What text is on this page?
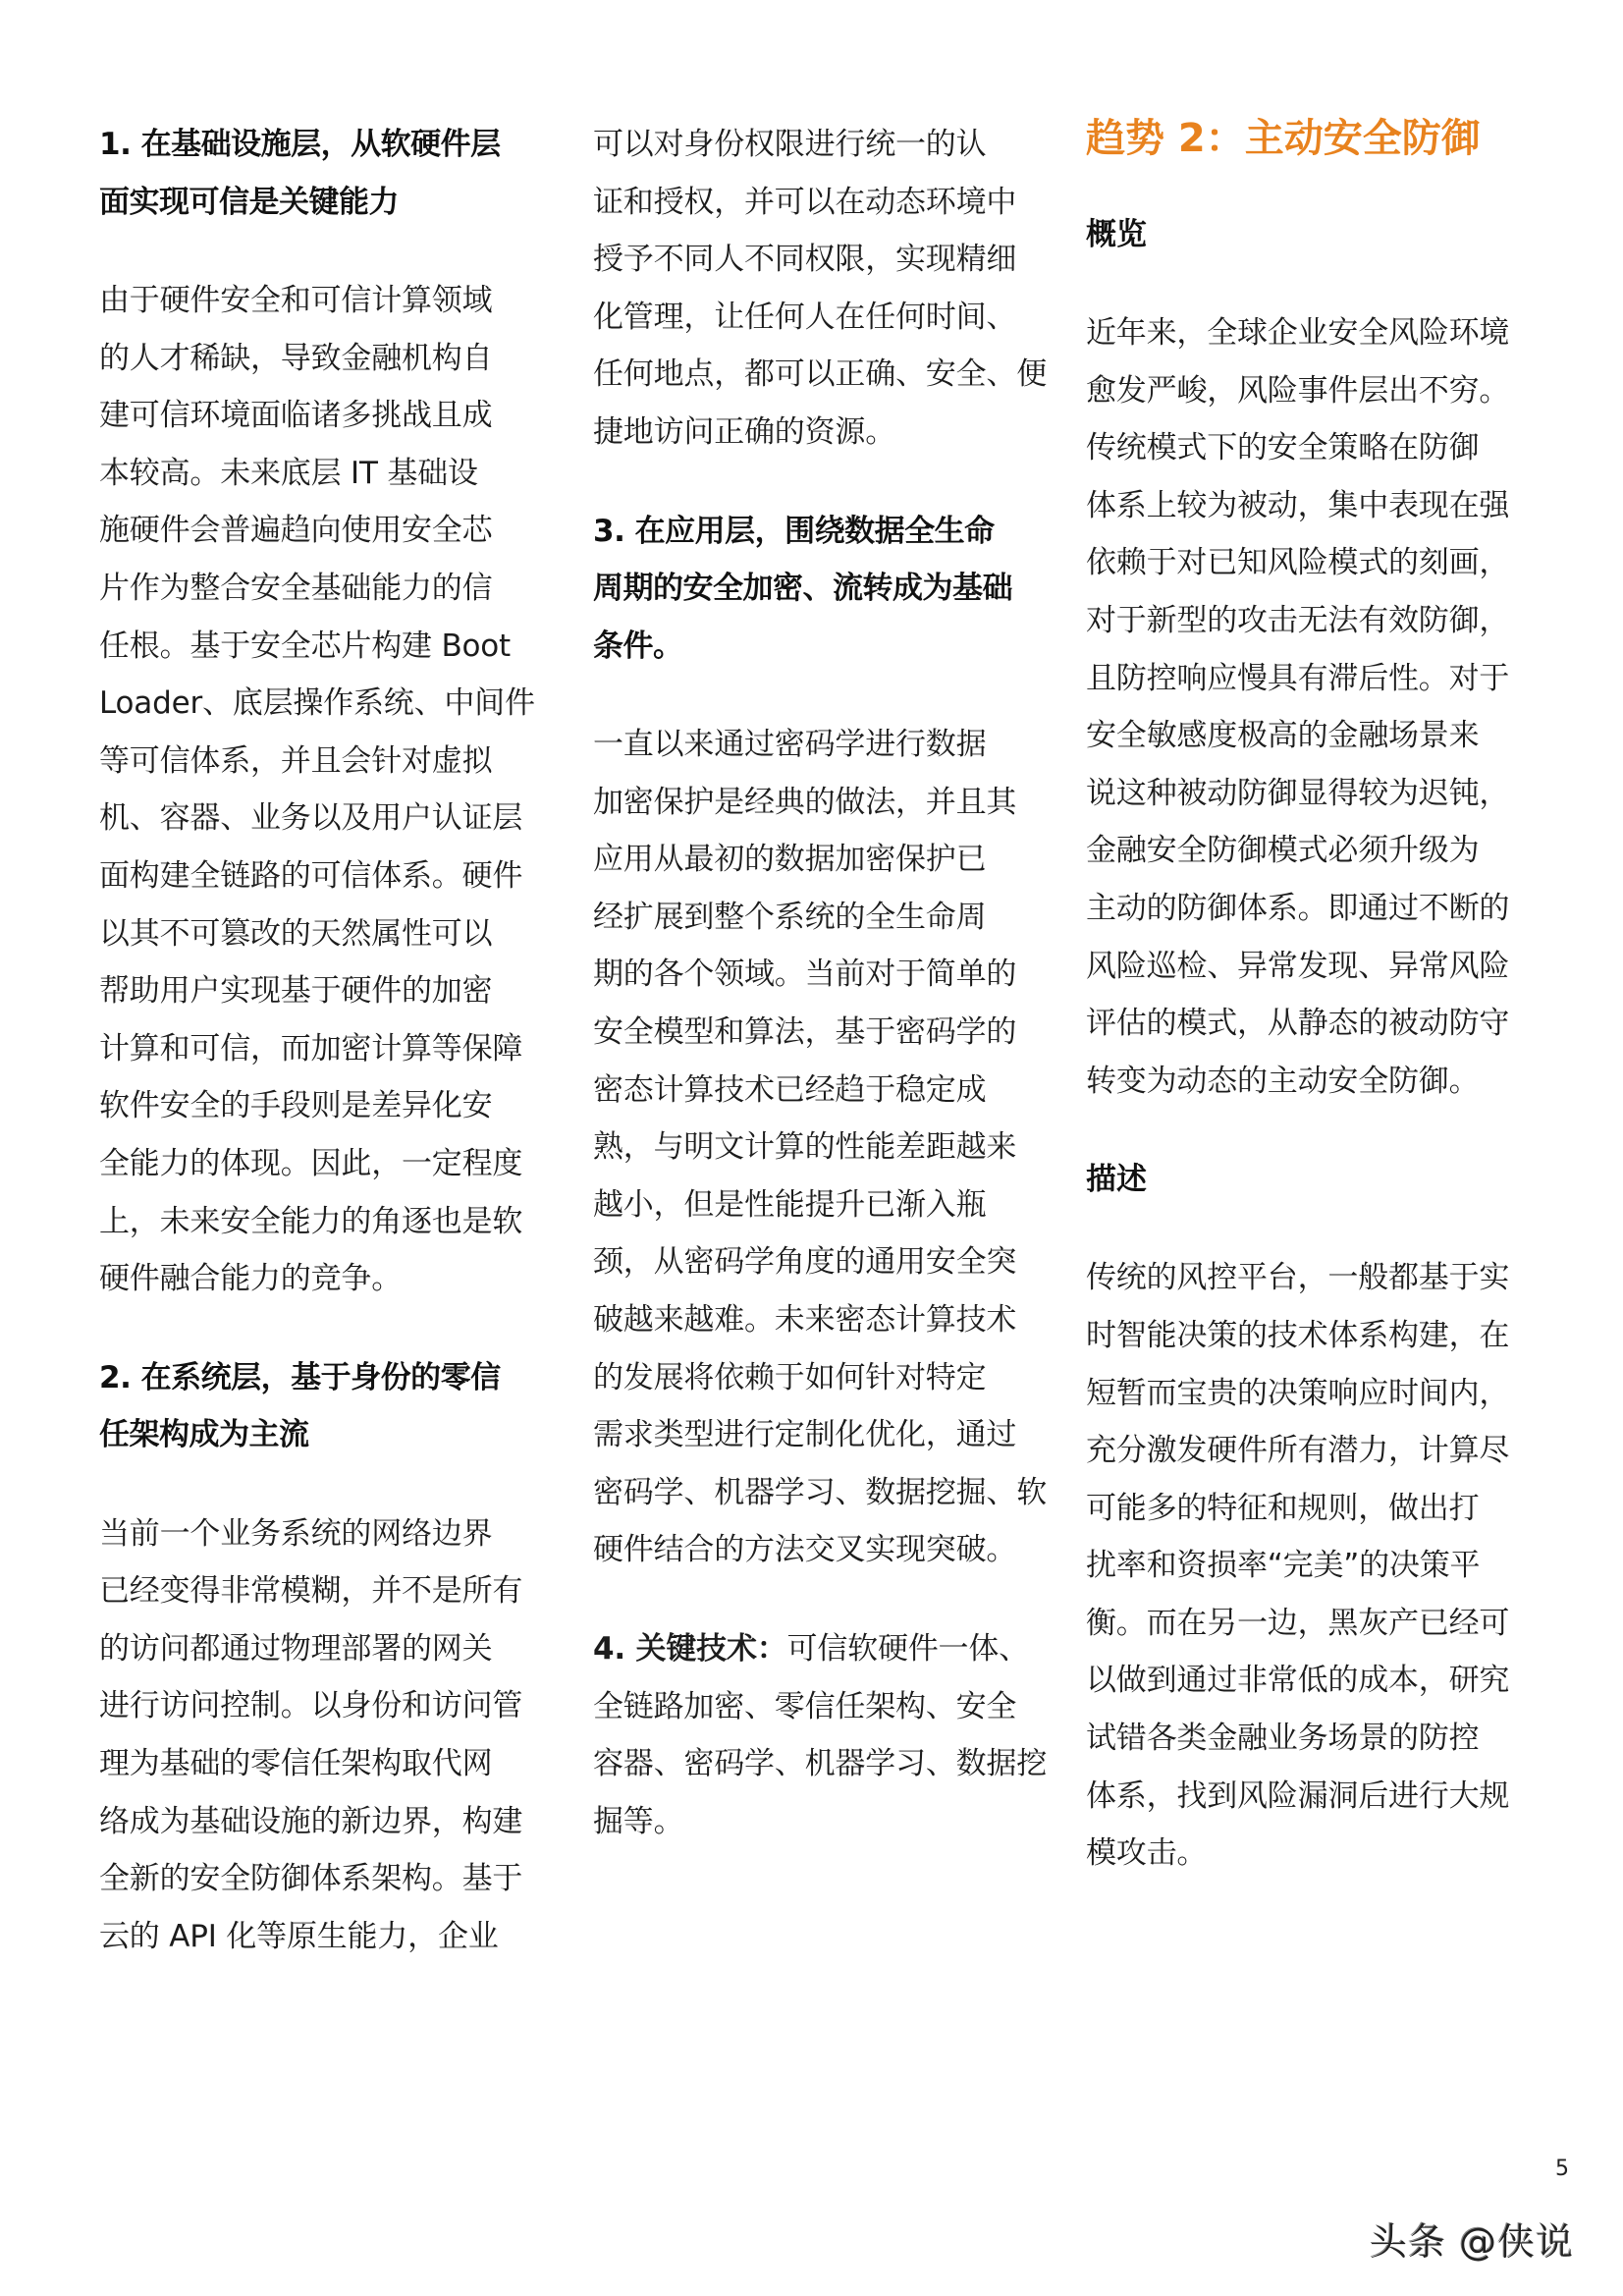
1. 在基础设施层，从软硬件层
面实现可信是关键能力
由于硬件安全和可信计算领域
的人才稀缺，导致金融机构自
建可信环境面临诸多挑战且成
本较高。未来底层 IT 基础设
施硬件会普遍趋向使用安全芯
片作为整合安全基础能力的信
任根。基于安全芯片构建 Boot
Loader、底层操作系统、中间件
等可信体系，并且会针对虚拟
机、容器、业务以及用户认证层
面构建全链路的可信体系。硬件
以其不可篡改的天然属性可以
帮助用户实现基于硬件的加密
计算和可信，而加密计算等保障
软件安全的手段则是差异化安
全能力的体现。因此，一定程度
上，未来安全能力的角逐也是软
硬件融合能力的竞争。
2. 在系统层，基于身份的零信
任架构成为主流
当前一个业务系统的网络边界
已经变得非常模糊，并不是所有
的访问都通过物理部署的网关
进行访问控制。以身份和访问管
理为基础的零信任架构取代网
络成为基础设施的新边界，构建
全新的安全防御体系架构。基于
云的 API 化等原生能力，企业
可以对身份权限进行统一的认
证和授权，并可以在动态环境中
授予不同人不同权限，实现精细
化管理，让任何人在任何时间、
任何地点，都可以正确、安全、便
捷地访问正确的资源。
3. 在应用层，围绕数据全生命
周期的安全加密、流转成为基础
条件。
一直以来通过密码学进行数据
加密保护是经典的做法，并且其
应用从最初的数据加密保护已
经扩展到整个系统的全生命周
期的各个领域。当前对于简单的
安全模型和算法，基于密码学的
密态计算技术已经趋于稳定成
熟，与明文计算的性能差距越来
越小，但是性能提升已渐入瓶
颈，从密码学角度的通用安全突
破越来越难。未来密态计算技术
的发展将依赖于如何针对特定
需求类型进行定制化优化，通过
密码学、机器学习、数据挖掘、软
硬件结合的方法交叉实现突破。
4. 关键技术：可信软硬件一体、
全链路加密、零信任架构、安全
容器、密码学、机器学习、数据挖
掘等。
趋势 2：主动安全防御
概览
近年来，全球企业安全风险环境
愈发严峻，风险事件层出不穷。
传统模式下的安全策略在防御
体系上较为被动，集中表现在强
依赖于对已知风险模式的刻画，
对于新型的攻击无法有效防御，
且防控响应慢具有滞后性。对于
安全敏感度极高的金融场景来
说这种被动防御显得较为迟钝，
金融安全防御模式必须升级为
主动的防御体系。即通过不断的
风险巡检、异常发现、异常风险
评估的模式，从静态的被动防守
转变为动态的主动安全防御。
描述
传统的风控平台，一般都基于实
时智能决策的技术体系构建，在
短暂而宝贵的决策响应时间内，
充分激发硬件所有潜力，计算尽
可能多的特征和规则，做出打
扰率和资损率“完美”的决策平
衡。而在另一边，黑灰产已经可
以做到通过非常低的成本，研究
试错各类金融业务场景的防控
体系，找到风险漏洞后进行大规
模攻击。
5
头条 @侠说
